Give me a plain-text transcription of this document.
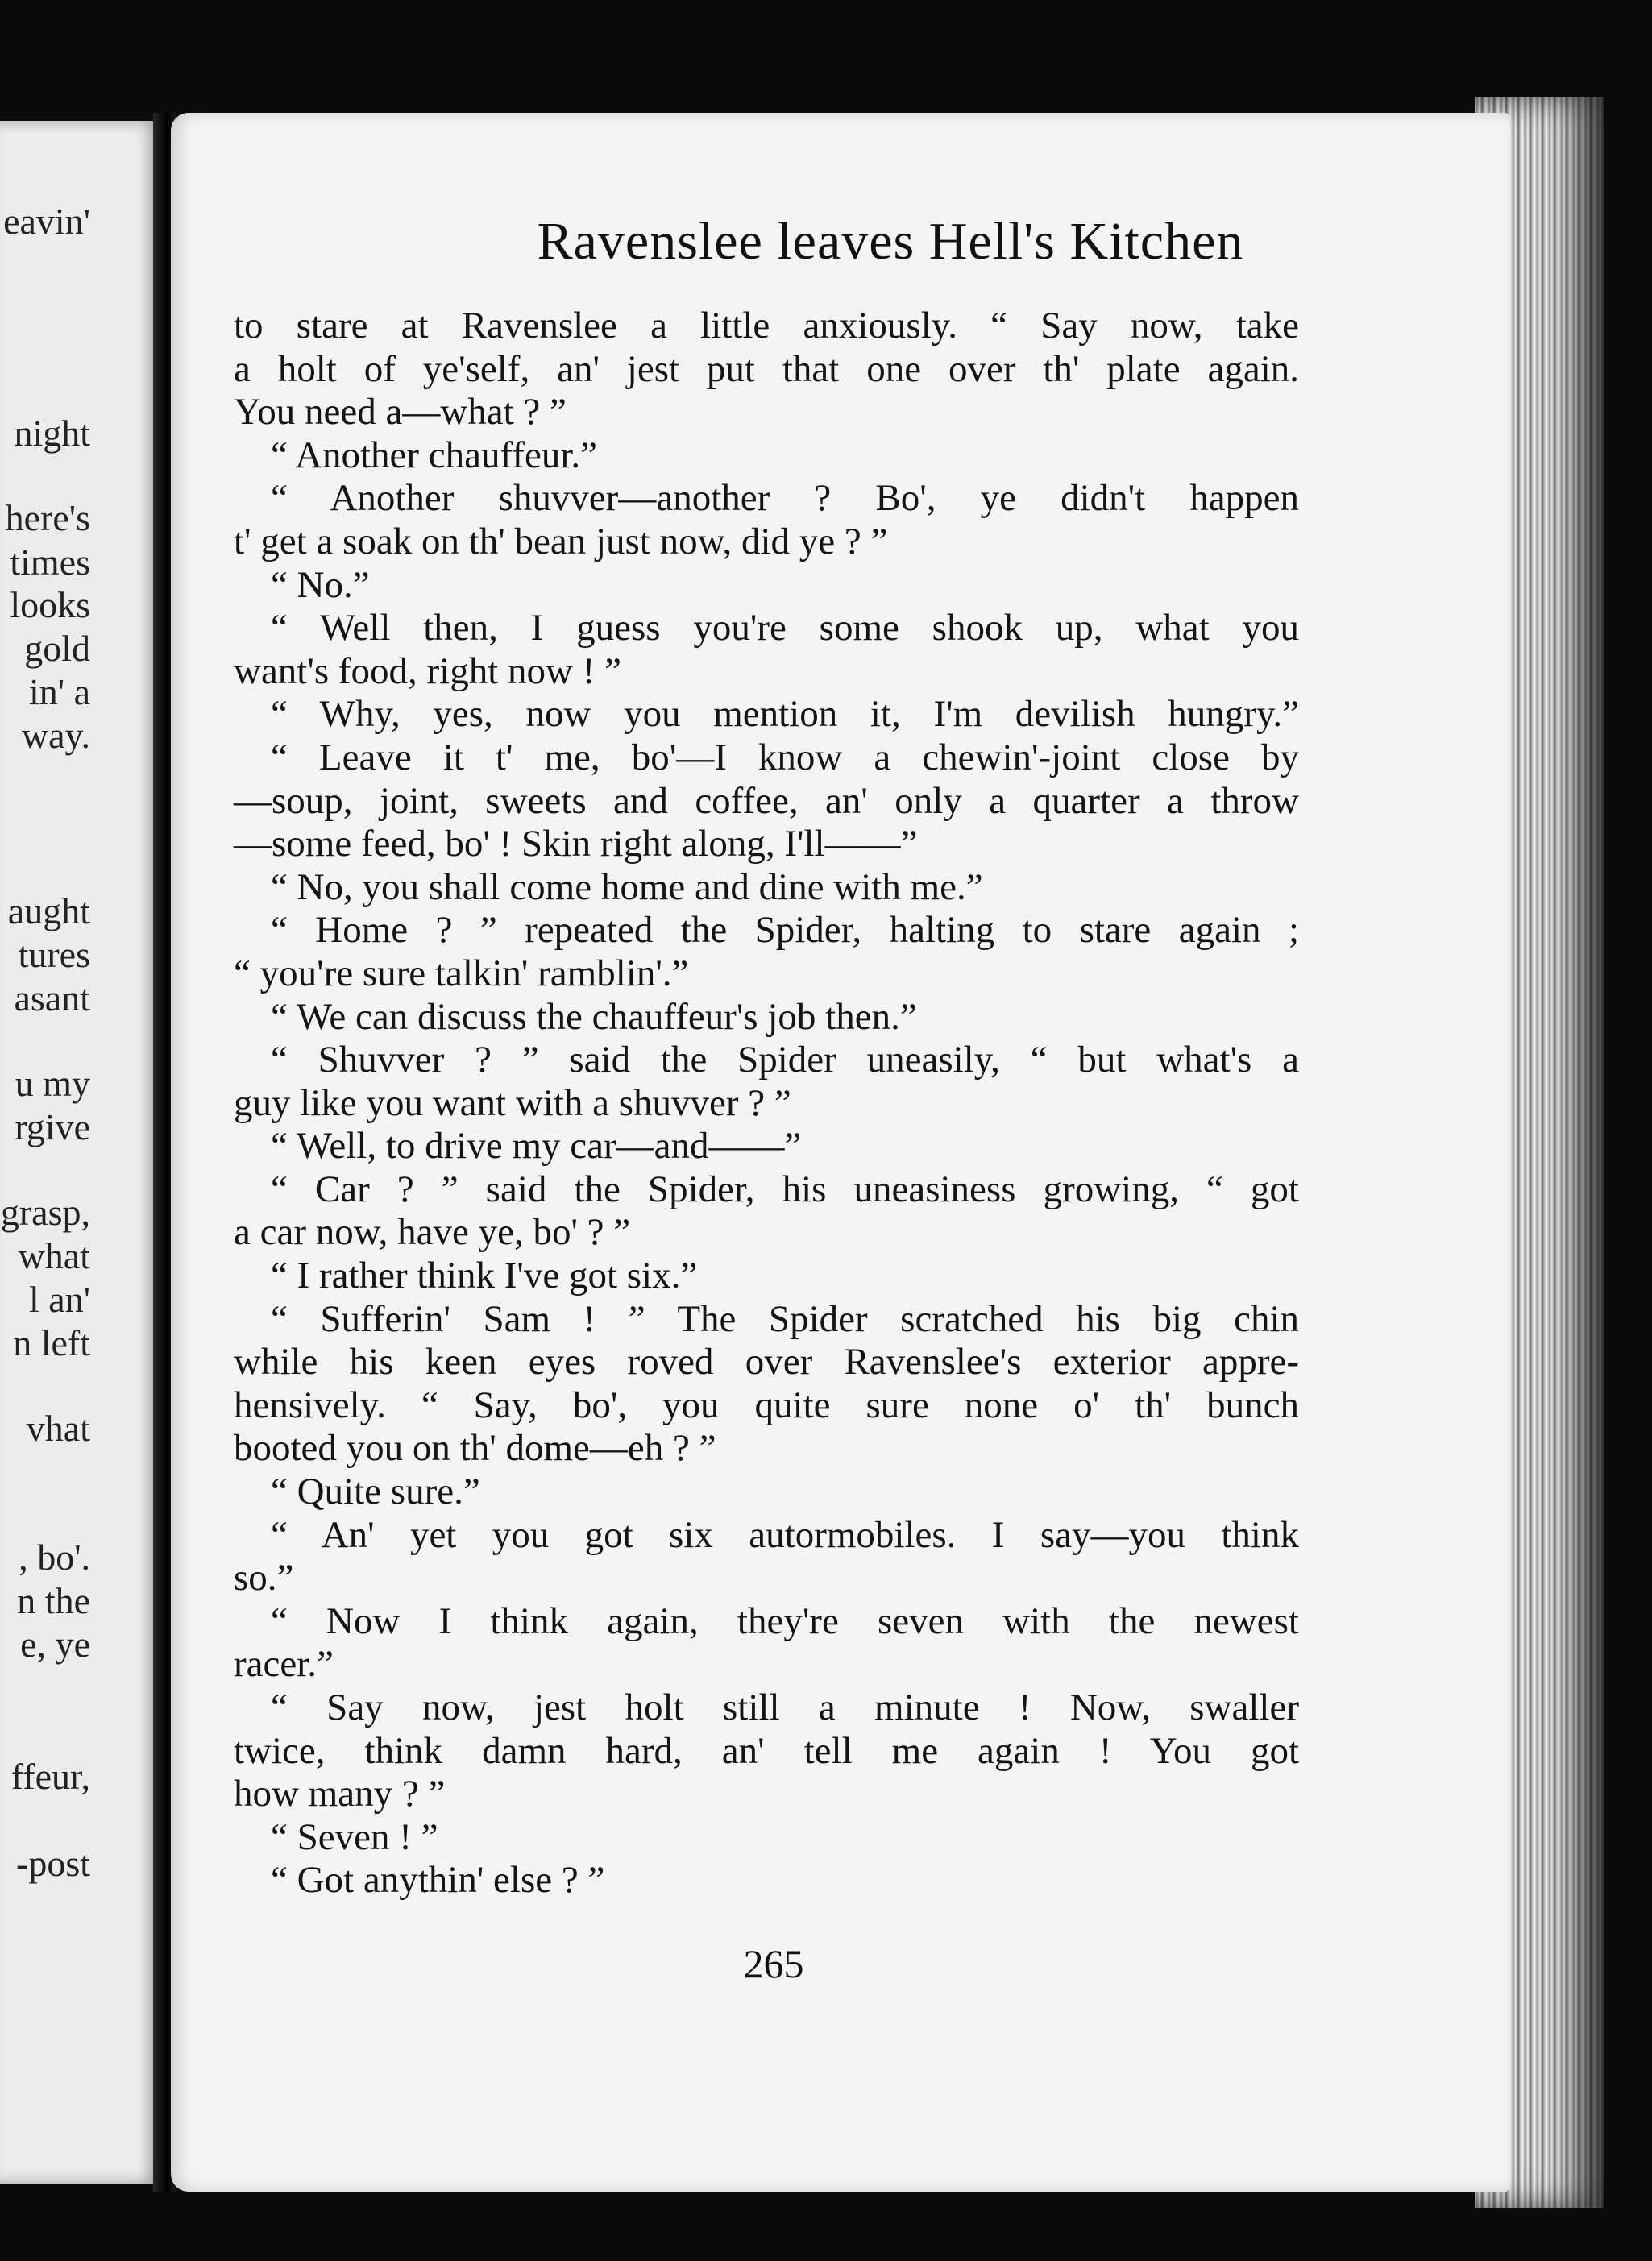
eavin'

night

here's

times

looks

gold

in' a

way.

aught

tures

asant

u my

rgive

grasp,

what

l an'

n left

vhat

, bo'.

n the

e, ye

ffeur,

-post

Ravenslee leaves Hell's Kitchen
to stare at Ravenslee a little anxiously. “ Say now, take
a holt of ye'self, an' jest put that one over th' plate again.
You need a—what ? ”
“ Another chauffeur.”
“ Another shuvver—another ? Bo', ye didn't happen
t' get a soak on th' bean just now, did ye ? ”
“ No.”
“ Well then, I guess you're some shook up, what you
want's food, right now ! ”
“ Why, yes, now you mention it, I'm devilish hungry.”
“ Leave it t' me, bo'—I know a chewin'-joint close by
—soup, joint, sweets and coffee, an' only a quarter a throw
—some feed, bo' ! Skin right along, I'll——”
“ No, you shall come home and dine with me.”
“ Home ? ” repeated the Spider, halting to stare again ;
“ you're sure talkin' ramblin'.”
“ We can discuss the chauffeur's job then.”
“ Shuvver ? ” said the Spider uneasily, “ but what's a
guy like you want with a shuvver ? ”
“ Well, to drive my car—and——”
“ Car ? ” said the Spider, his uneasiness growing, “ got
a car now, have ye, bo' ? ”
“ I rather think I've got six.”
“ Sufferin' Sam ! ” The Spider scratched his big chin
while his keen eyes roved over Ravenslee's exterior appre-
hensively. “ Say, bo', you quite sure none o' th' bunch
booted you on th' dome—eh ? ”
“ Quite sure.”
“ An' yet you got six autormobiles. I say—you think
so.”
“ Now I think again, they're seven with the newest
racer.”
“ Say now, jest holt still a minute ! Now, swaller
twice, think damn hard, an' tell me again ! You got
how many ? ”
“ Seven ! ”
“ Got anythin' else ? ”

265
